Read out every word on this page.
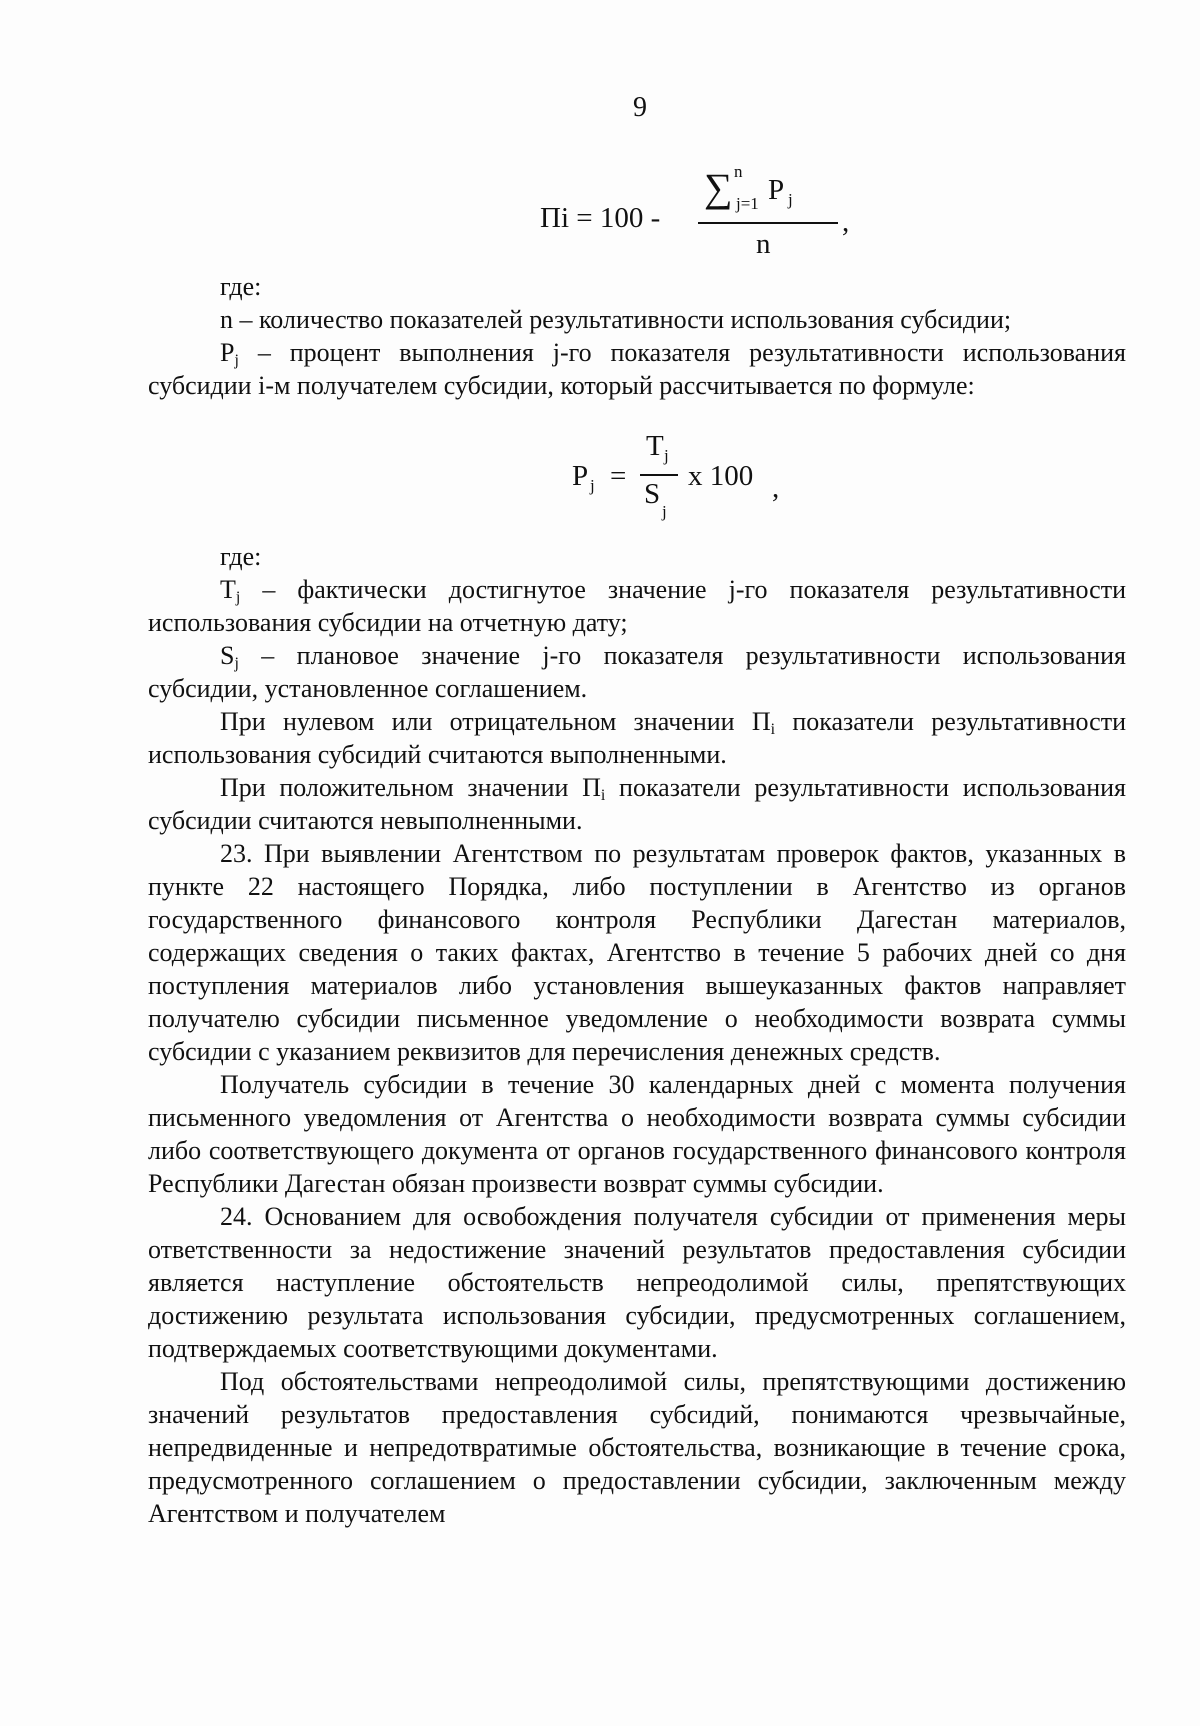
9
Пi = 100 -
∑ n
j=1 P j
n
,

где:

n – количество показателей результативности использования субсидии;

$P_j$ – процент выполнения j-го показателя результативности использования субсидии i-м получателем субсидии, который рассчитывается по формуле:

P j =
T j
S
j
x 100 ,

где:

$T_j$ – фактически достигнутое значение j-го показателя результативности использования субсидии на отчетную дату;

$S_j$ – плановое значение j-го показателя результативности использования субсидии, установленное соглашением.

При нулевом или отрицательном значении $П_i$ показатели результативности использования субсидий считаются выполненными.

При положительном значении $П_i$ показатели результативности использования субсидии считаются невыполненными.

23. При выявлении Агентством по результатам проверок фактов, указанных в пункте 22 настоящего Порядка, либо поступлении в Агентство из органов государственного финансового контроля Республики Дагестан материалов, содержащих сведения о таких фактах, Агентство в течение 5 рабочих дней со дня поступления материалов либо установления вышеуказанных фактов направляет получателю субсидии письменное уведомление о необходимости возврата суммы субсидии с указанием реквизитов для перечисления денежных средств.

Получатель субсидии в течение 30 календарных дней с момента получения письменного уведомления от Агентства о необходимости возврата суммы субсидии либо соответствующего документа от органов государственного финансового контроля Республики Дагестан обязан произвести возврат суммы субсидии.

24. Основанием для освобождения получателя субсидии от применения меры ответственности за недостижение значений результатов предоставления субсидии является наступление обстоятельств непреодолимой силы, препятствующих достижению результата использования субсидии, предусмотренных соглашением, подтверждаемых соответствующими документами.

Под обстоятельствами непреодолимой силы, препятствующими достижению значений результатов предоставления субсидий, понимаются чрезвычайные, непредвиденные и непредотвратимые обстоятельства, возникающие в течение срока, предусмотренного соглашением о предоставлении субсидии, заключенным между Агентством и получателем
